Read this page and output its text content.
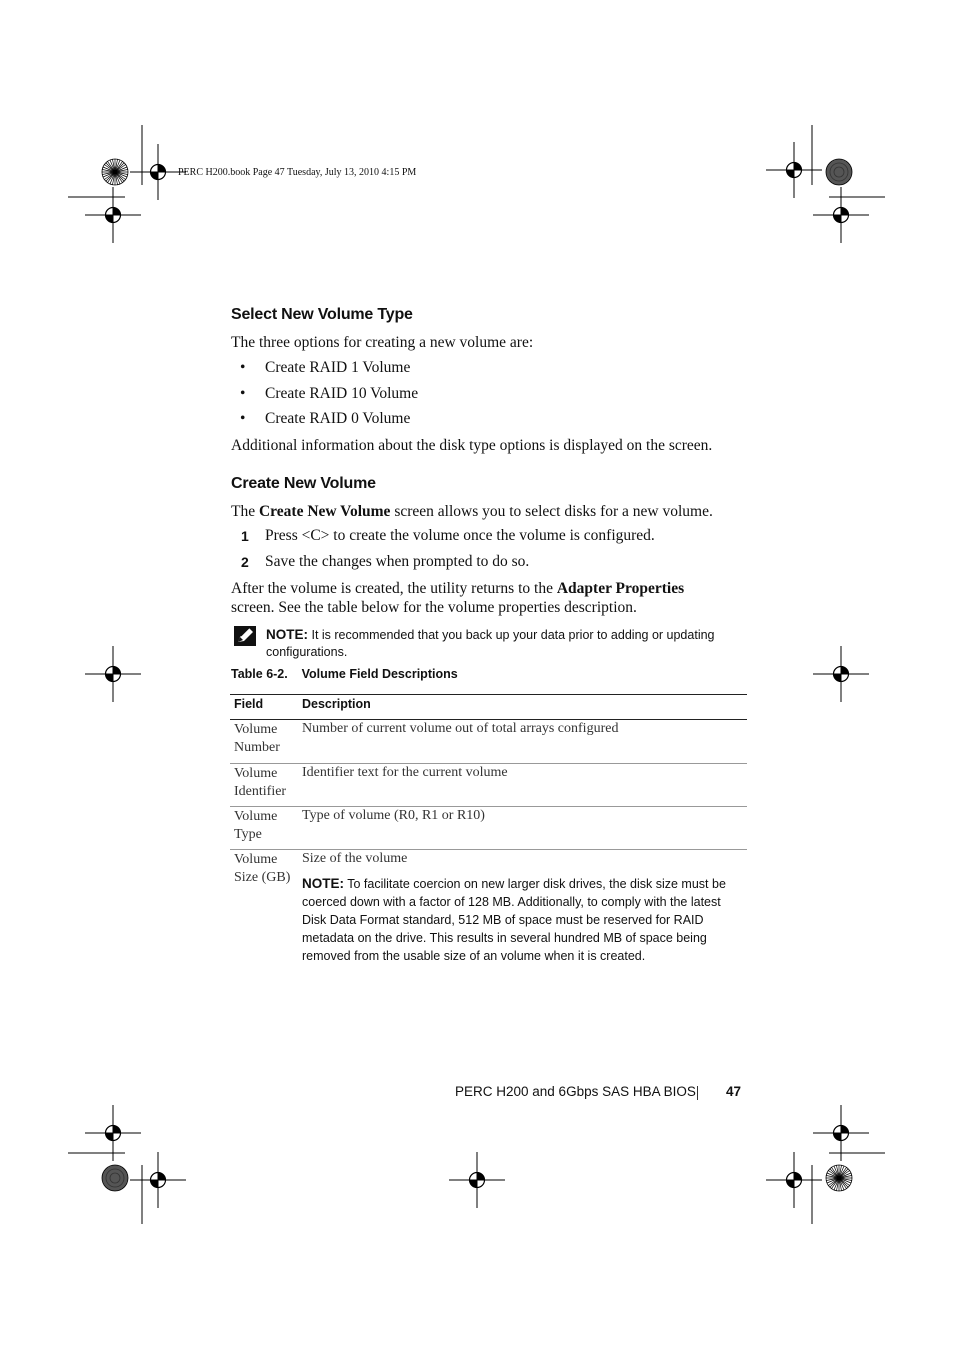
PERC H200.book Page 47 Tuesday, July 13, 2010 4:15 PM
Select New Volume Type
The three options for creating a new volume are:
• Create RAID 1 Volume
• Create RAID 10 Volume
• Create RAID 0 Volume
Additional information about the disk type options is displayed on the screen.
Create New Volume
The Create New Volume screen allows you to select disks for a new volume.
1 Press <C> to create the volume once the volume is configured.
2 Save the changes when prompted to do so.
After the volume is created, the utility returns to the Adapter Properties
screen. See the table below for the volume properties description.
NOTE: It is recommended that you back up your data prior to adding or updating
configurations.
Table 6-2.    Volume Field Descriptions
Field	Description
Volume
Number
Number of current volume out of total arrays configured
Volume
Identifier
Identifier text for the current volume
Volume
Type
Type of volume (R0, R1 or R10)
Volume
Size (GB)
Size of the volume
NOTE: To facilitate coercion on new larger disk drives, the disk size must be
coerced down with a factor of 128 MB. Additionally, to comply with the latest
Disk Data Format standard, 512 MB of space must be reserved for RAID
metadata on the drive. This results in several hundred MB of space being
removed from the usable size of an volume when it is created.
PERC H200 and 6Gbps SAS HBA BIOS 47
